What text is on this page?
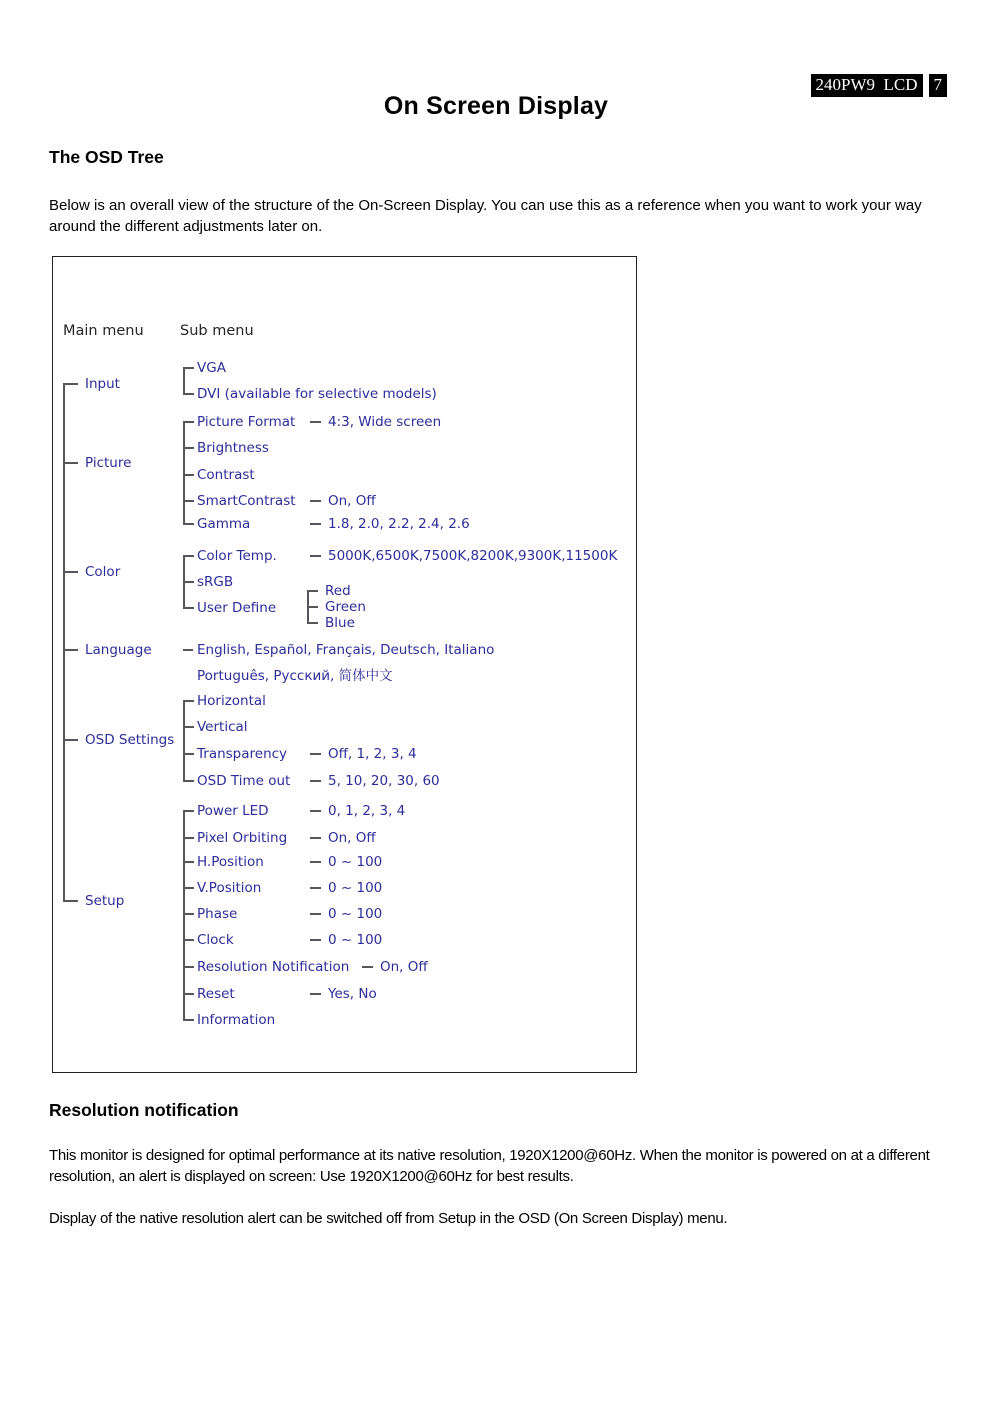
240PW9  LCD 7
On Screen Display
The OSD Tree
Below is an overall view of the structure of the On-Screen Display. You can use this as a reference when you want to work your way around the different adjustments later on.
Main menu	Sub menu
Input
VGA
DVI (available for selective models)
Picture
Picture Format 4:3, Wide screen
Brightness
Contrast
SmartContrast On, Off
Gamma	1.8, 2.0, 2.2, 2.4, 2.6
Color
Color Temp.	5000K,6500K,7500K,8200K,9300K,11500K
sRGB
User Define
Red
Green
Blue
Language	English, Español, Français, Deutsch, Italiano
Português, Русский, 简体中文
OSD Settings
Horizontal
Vertical
Transparency	Off, 1, 2, 3, 4
OSD Time out	5, 10, 20, 30, 60
Setup
Power LED	0, 1, 2, 3, 4
Pixel Orbiting	On, Off
H.Position	0 ~ 100
V.Position	0 ~ 100
Phase	0 ~ 100
Clock	0 ~ 100
Resolution Notification On, Off
Reset	Yes, No
Information
Resolution notification
This monitor is designed for optimal performance at its native resolution, 1920X1200@60Hz. When the monitor is powered on at a different resolution, an alert is displayed on screen: Use 1920X1200@60Hz for best results.
Display of the native resolution alert can be switched off from Setup in the OSD (On Screen Display) menu.
